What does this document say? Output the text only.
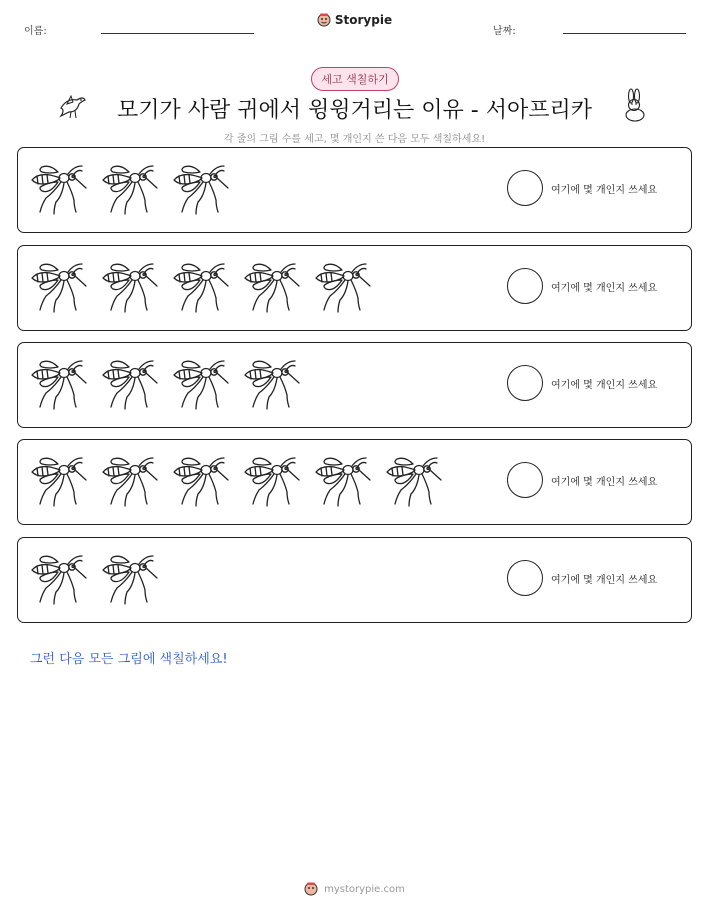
이름:
Storypie
날짜:
세고 색칠하기
모기가 사람 귀에서 윙윙거리는 이유 - 서아프리카
각 줄의 그림 수를 세고, 몇 개인지 쓴 다음 모두 색칠하세요!
여기에 몇 개인지 쓰세요
여기에 몇 개인지 쓰세요
여기에 몇 개인지 쓰세요
여기에 몇 개인지 쓰세요
여기에 몇 개인지 쓰세요
그런 다음 모든 그림에 색칠하세요!
mystorypie.com
